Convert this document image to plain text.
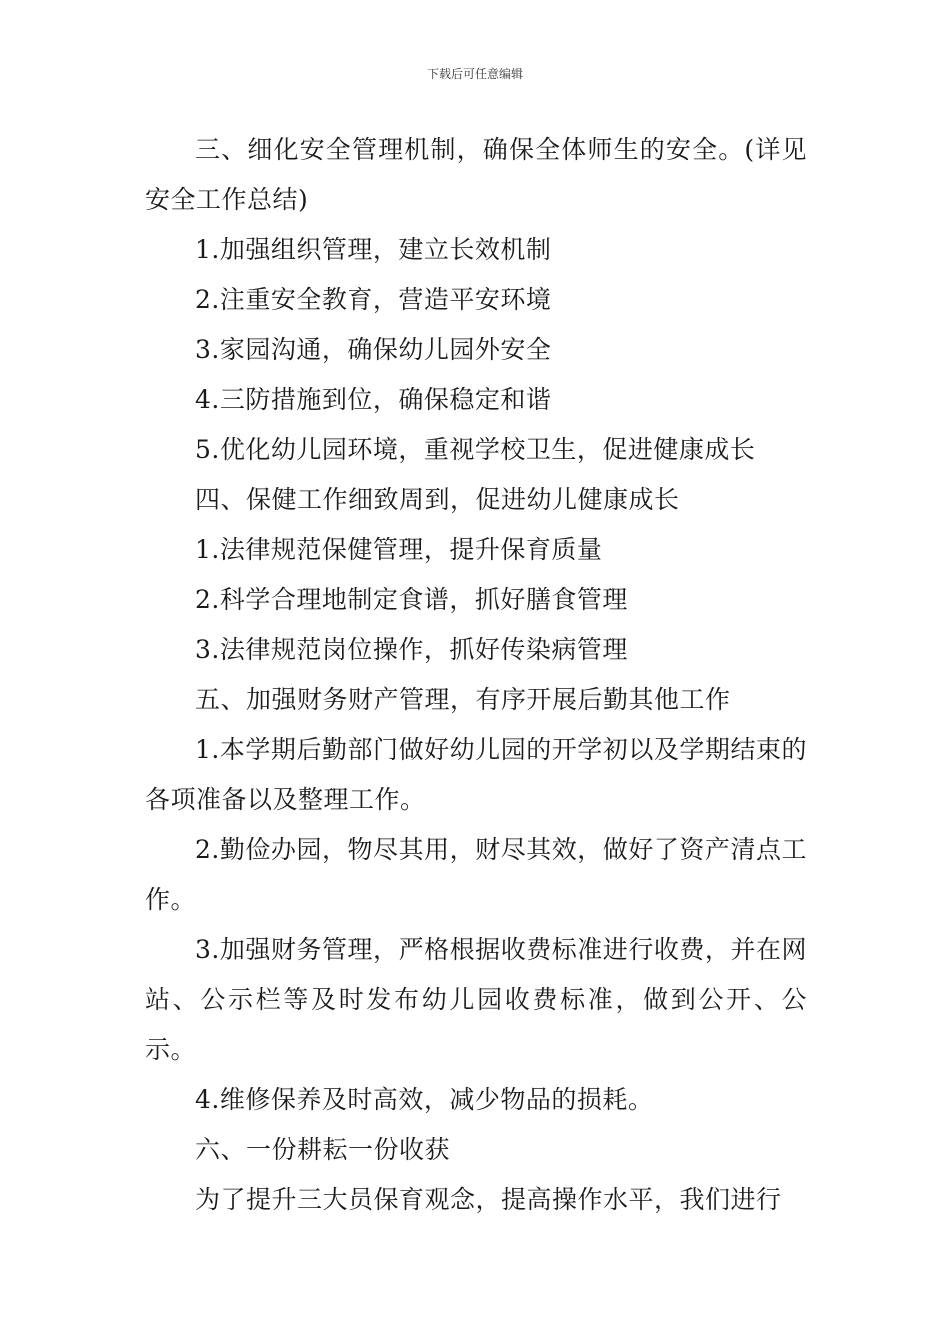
下载后可任意编辑

三、细化安全管理机制，确保全体师生的安全。(详见安全工作总结)

1.加强组织管理，建立长效机制

2.注重安全教育，营造平安环境

3.家园沟通，确保幼儿园外安全

4.三防措施到位，确保稳定和谐

5.优化幼儿园环境，重视学校卫生，促进健康成长

四、保健工作细致周到，促进幼儿健康成长

1.法律规范保健管理，提升保育质量

2.科学合理地制定食谱，抓好膳食管理

3.法律规范岗位操作，抓好传染病管理

五、加强财务财产管理，有序开展后勤其他工作

1.本学期后勤部门做好幼儿园的开学初以及学期结束的各项准备以及整理工作。

2.勤俭办园，物尽其用，财尽其效，做好了资产清点工作。

3.加强财务管理，严格根据收费标准进行收费，并在网站、公示栏等及时发布幼儿园收费标准，做到公开、公示。

4.维修保养及时高效，减少物品的损耗。

六、一份耕耘一份收获

为了提升三大员保育观念，提高操作水平，我们进行
